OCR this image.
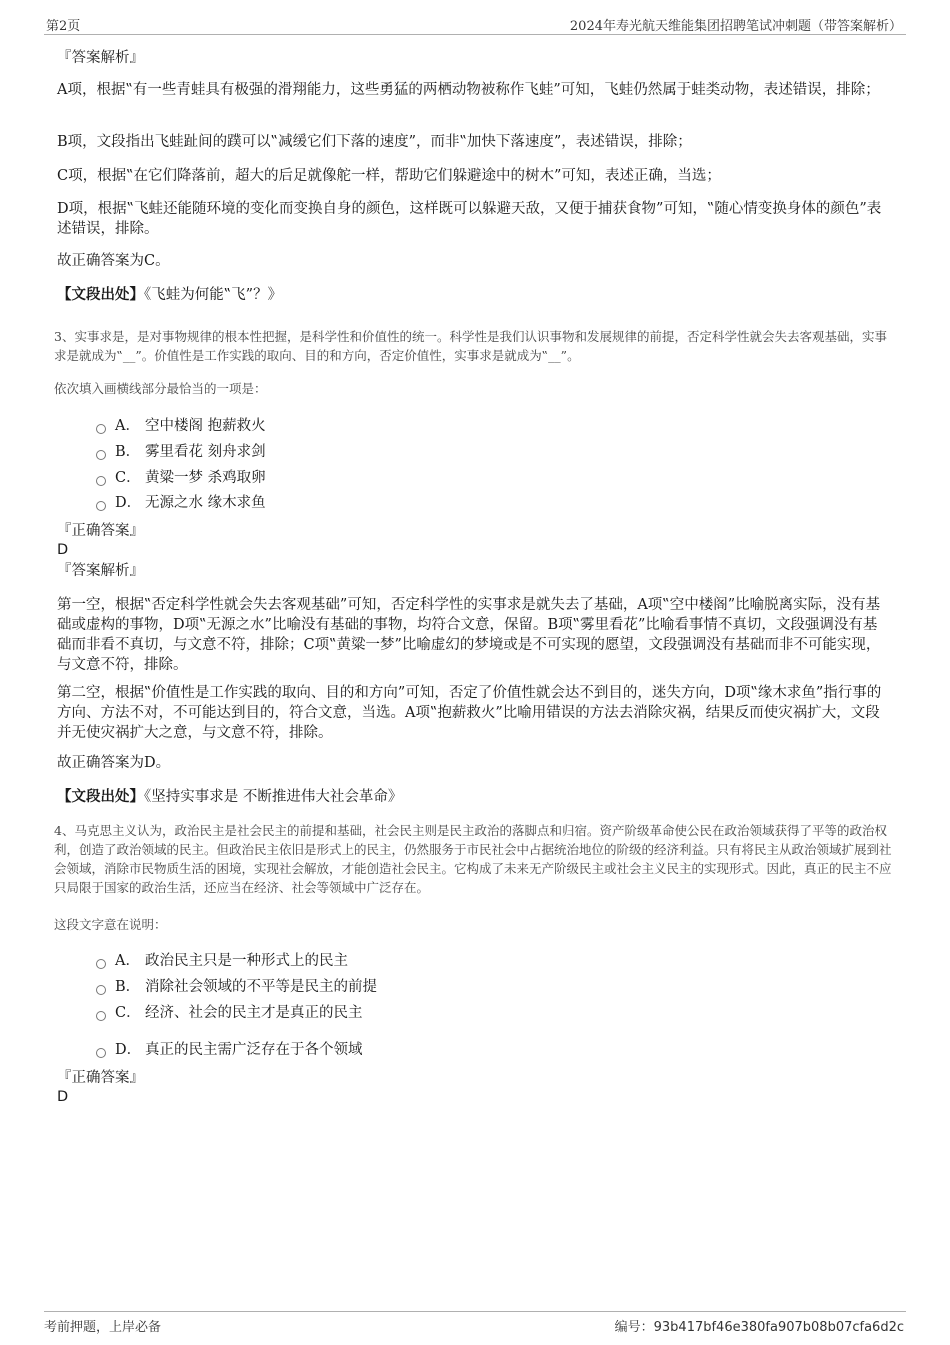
第2页	2024年寿光航天维能集团招聘笔试冲刺题（带答案解析）
『答案解析』
A项，根据‟有一些青蛙具有极强的滑翔能力，这些勇猛的两栖动物被称作飞蛙”可知，飞蛙仍然属于蛙类动物，表述错误，排除；
B项，文段指出飞蛙趾间的蹼可以‟减缓它们下落的速度”，而非‟加快下落速度”，表述错误，排除；
C项，根据‟在它们降落前，超大的后足就像舵一样，帮助它们躲避途中的树木”可知，表述正确，当选；
D项，根据‟飞蛙还能随环境的变化而变换自身的颜色，这样既可以躲避天敌，又便于捕获食物”可知，‟随心情变换身体的颜色”表述错误，排除。
故正确答案为C。
【文段出处】《飞蛙为何能‟飞”？》
3、实事求是，是对事物规律的根本性把握，是科学性和价值性的统一。科学性是我们认识事物和发展规律的前提，否定科学性就会失去客观基础，实事求是就成为‟__”。价值性是工作实践的取向、目的和方向，否定价值性，实事求是就成为‟__”。
依次填入画横线部分最恰当的一项是：
A． 空中楼阁 抱薪救火
B． 雾里看花 刻舟求剑
C． 黄粱一梦 杀鸡取卵
D． 无源之水 缘木求鱼
『正确答案』
D
『答案解析』
第一空，根据‟否定科学性就会失去客观基础”可知，否定科学性的实事求是就失去了基础，A项‟空中楼阁”比喻脱离实际，没有基础或虚构的事物，D项‟无源之水”比喻没有基础的事物，均符合文意，保留。B项‟雾里看花”比喻看事情不真切，文段强调没有基础而非看不真切，与文意不符，排除；C项‟黄粱一梦”比喻虚幻的梦境或是不可实现的愿望，文段强调没有基础而非不可能实现，与文意不符，排除。
第二空，根据‟价值性是工作实践的取向、目的和方向”可知，否定了价值性就会达不到目的，迷失方向，D项‟缘木求鱼”指行事的方向、方法不对，不可能达到目的，符合文意，当选。A项‟抱薪救火”比喻用错误的方法去消除灾祸，结果反而使灾祸扩大，文段并无使灾祸扩大之意，与文意不符，排除。
故正确答案为D。
【文段出处】《坚持实事求是 不断推进伟大社会革命》
4、马克思主义认为，政治民主是社会民主的前提和基础，社会民主则是民主政治的落脚点和归宿。资产阶级革命使公民在政治领域获得了平等的政治权利，创造了政治领域的民主。但政治民主依旧是形式上的民主，仍然服务于市民社会中占据统治地位的阶级的经济利益。只有将民主从政治领域扩展到社会领域，消除市民物质生活的困境，实现社会解放，才能创造社会民主。它构成了未来无产阶级民主或社会主义民主的实现形式。因此，真正的民主不应只局限于国家的政治生活，还应当在经济、社会等领域中广泛存在。
这段文字意在说明：
A． 政治民主只是一种形式上的民主
B． 消除社会领域的不平等是民主的前提
C． 经济、社会的民主才是真正的民主
D． 真正的民主需广泛存在于各个领域
『正确答案』
D
考前押题，上岸必备	编号：93b417bf46e380fa907b08b07cfa6d2c
